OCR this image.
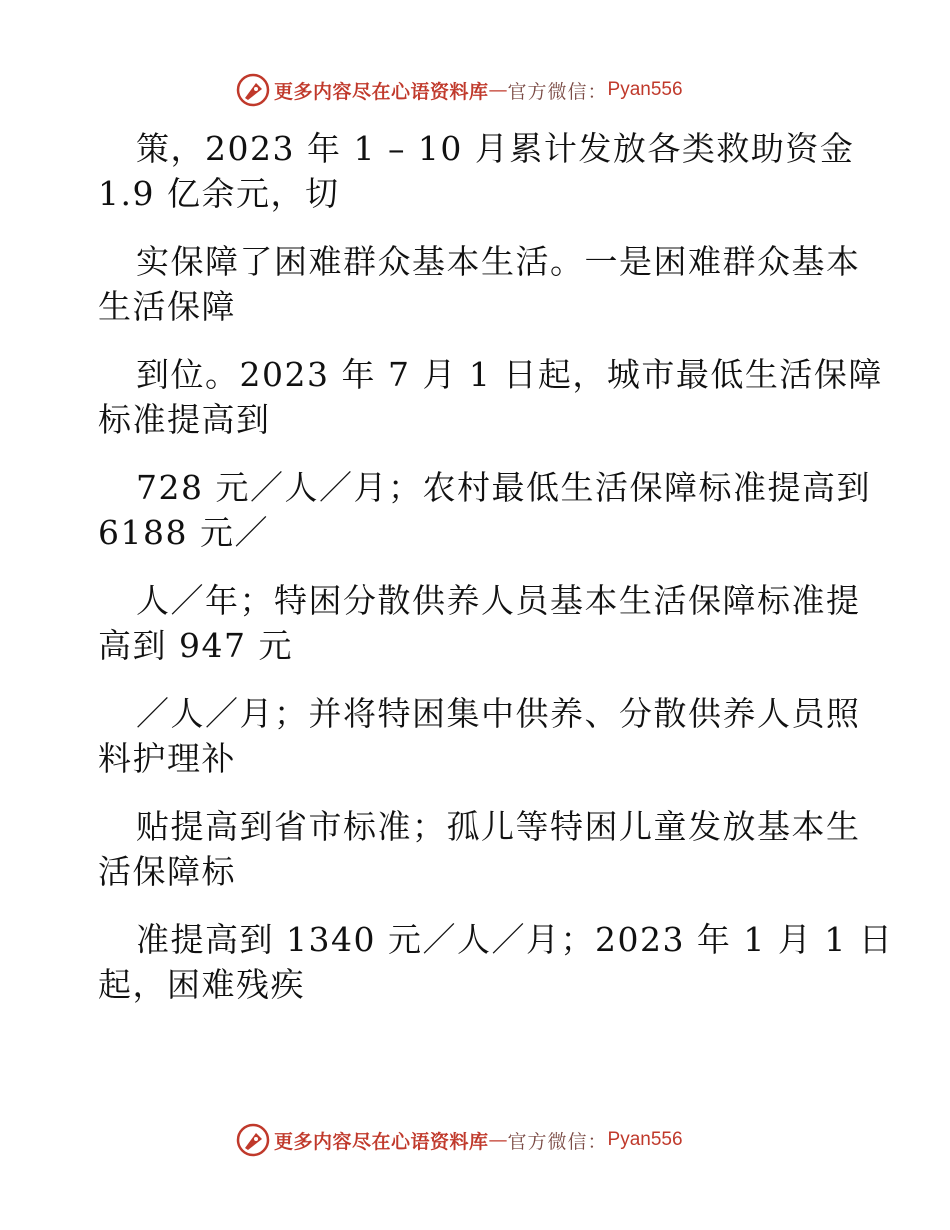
更多内容尽在心语资料库 — 官方微信： Pyan556
策，2023 年 1 – 10 月累计发放各类救助资金
1.9 亿余元，切
实保障了困难群众基本生活。一是困难群众基本
生活保障
到位。2023 年 7 月 1 日起，城市最低生活保障
标准提高到
728 元／人／月；农村最低生活保障标准提高到
6188 元／
人／年；特困分散供养人员基本生活保障标准提
高到 947 元
／人／月；并将特困集中供养、分散供养人员照
料护理补
贴提高到省市标准；孤儿等特困儿童发放基本生
活保障标
准提高到 1340 元／人／月；2023 年 1 月 1 日
起，困难残疾
更多内容尽在心语资料库 — 官方微信： Pyan556
